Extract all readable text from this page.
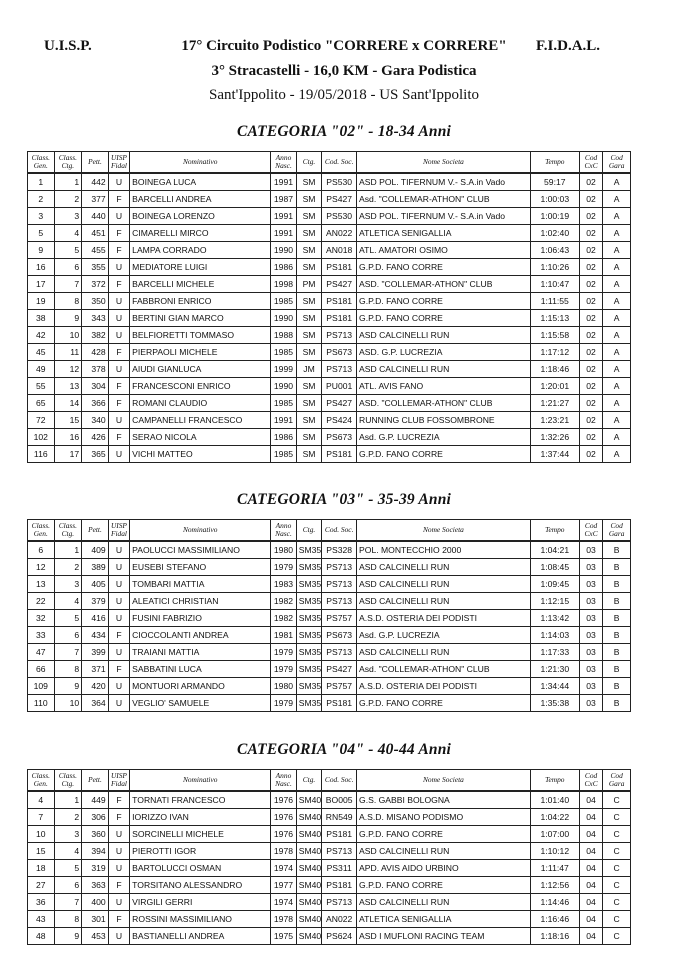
U.I.S.P.	17° Circuito Podistico "CORRERE x CORRERE"	F.I.D.A.L.
3° Stracastelli - 16,0 KM - Gara Podistica
Sant'Ippolito - 19/05/2018 - US Sant'Ippolito
CATEGORIA "02" - 18-34 Anni
Class. Gen.	Class. Ctg.	Pett.	UISP Fidal	Nominativo	Anno Nasc.	Ctg.	Cod. Soc.	Nome Societa	Tempo	Cod CxC	Cod Gara
1	1	442	U	BOINEGA LUCA	1991	SM	PS530	ASD POL. TIFERNUM V.- S.A.in Vado	59:17	02	A
2	2	377	F	BARCELLI ANDREA	1987	SM	PS427	Asd. "COLLEMAR-ATHON" CLUB	1:00:03	02	A
3	3	440	U	BOINEGA LORENZO	1991	SM	PS530	ASD POL. TIFERNUM V.- S.A.in Vado	1:00:19	02	A
5	4	451	F	CIMARELLI MIRCO	1991	SM	AN022	ATLETICA SENIGALLIA	1:02:40	02	A
9	5	455	F	LAMPA CORRADO	1990	SM	AN018	ATL. AMATORI OSIMO	1:06:43	02	A
16	6	355	U	MEDIATORE LUIGI	1986	SM	PS181	G.P.D. FANO CORRE	1:10:26	02	A
17	7	372	F	BARCELLI MICHELE	1998	PM	PS427	ASD. "COLLEMAR-ATHON" CLUB	1:10:47	02	A
19	8	350	U	FABBRONI ENRICO	1985	SM	PS181	G.P.D. FANO CORRE	1:11:55	02	A
38	9	343	U	BERTINI GIAN MARCO	1990	SM	PS181	G.P.D. FANO CORRE	1:15:13	02	A
42	10	382	U	BELFIORETTI TOMMASO	1988	SM	PS713	ASD CALCINELLI RUN	1:15:58	02	A
45	11	428	F	PIERPAOLI MICHELE	1985	SM	PS673	ASD. G.P. LUCREZIA	1:17:12	02	A
49	12	378	U	AIUDI GIANLUCA	1999	JM	PS713	ASD CALCINELLI RUN	1:18:46	02	A
55	13	304	F	FRANCESCONI ENRICO	1990	SM	PU001	ATL. AVIS FANO	1:20:01	02	A
65	14	366	F	ROMANI CLAUDIO	1985	SM	PS427	ASD. "COLLEMAR-ATHON" CLUB	1:21:27	02	A
72	15	340	U	CAMPANELLI FRANCESCO	1991	SM	PS424	RUNNING CLUB FOSSOMBRONE	1:23:21	02	A
102	16	426	F	SERAO NICOLA	1986	SM	PS673	Asd. G.P. LUCREZIA	1:32:26	02	A
116	17	365	U	VICHI MATTEO	1985	SM	PS181	G.P.D. FANO CORRE	1:37:44	02	A
CATEGORIA "03" - 35-39 Anni
Class. Gen.	Class. Ctg.	Pett.	UISP Fidal	Nominativo	Anno Nasc.	Ctg.	Cod. Soc.	Nome Societa	Tempo	Cod CxC	Cod Gara
6	1	409	U	PAOLUCCI MASSIMILIANO	1980	SM35	PS328	POL. MONTECCHIO 2000	1:04:21	03	B
12	2	389	U	EUSEBI STEFANO	1979	SM35	PS713	ASD CALCINELLI RUN	1:08:45	03	B
13	3	405	U	TOMBARI MATTIA	1983	SM35	PS713	ASD CALCINELLI RUN	1:09:45	03	B
22	4	379	U	ALEATICI CHRISTIAN	1982	SM35	PS713	ASD CALCINELLI RUN	1:12:15	03	B
32	5	416	U	FUSINI FABRIZIO	1982	SM35	PS757	A.S.D. OSTERIA DEI PODISTI	1:13:42	03	B
33	6	434	F	CIOCCOLANTI ANDREA	1981	SM35	PS673	Asd. G.P. LUCREZIA	1:14:03	03	B
47	7	399	U	TRAIANI MATTIA	1979	SM35	PS713	ASD CALCINELLI RUN	1:17:33	03	B
66	8	371	F	SABBATINI LUCA	1979	SM35	PS427	Asd. "COLLEMAR-ATHON" CLUB	1:21:30	03	B
109	9	420	U	MONTUORI ARMANDO	1980	SM35	PS757	A.S.D. OSTERIA DEI PODISTI	1:34:44	03	B
110	10	364	U	VEGLIO' SAMUELE	1979	SM35	PS181	G.P.D. FANO CORRE	1:35:38	03	B
CATEGORIA "04" - 40-44 Anni
Class. Gen.	Class. Ctg.	Pett.	UISP Fidal	Nominativo	Anno Nasc.	Ctg.	Cod. Soc.	Nome Societa	Tempo	Cod CxC	Cod Gara
4	1	449	F	TORNATI FRANCESCO	1976	SM40	BO005	G.S. GABBI BOLOGNA	1:01:40	04	C
7	2	306	F	IORIZZO IVAN	1976	SM40	RN549	A.S.D. MISANO PODISMO	1:04:22	04	C
10	3	360	U	SORCINELLI MICHELE	1976	SM40	PS181	G.P.D. FANO CORRE	1:07:00	04	C
15	4	394	U	PIEROTTI IGOR	1978	SM40	PS713	ASD CALCINELLI RUN	1:10:12	04	C
18	5	319	U	BARTOLUCCI OSMAN	1974	SM40	PS311	APD. AVIS AIDO URBINO	1:11:47	04	C
27	6	363	F	TORSITANO ALESSANDRO	1977	SM40	PS181	G.P.D. FANO CORRE	1:12:56	04	C
36	7	400	U	VIRGILI GERRI	1974	SM40	PS713	ASD CALCINELLI RUN	1:14:46	04	C
43	8	301	F	ROSSINI MASSIMILIANO	1978	SM40	AN022	ATLETICA SENIGALLIA	1:16:46	04	C
48	9	453	U	BASTIANELLI ANDREA	1975	SM40	PS624	ASD I MUFLONI RACING TEAM	1:18:16	04	C
